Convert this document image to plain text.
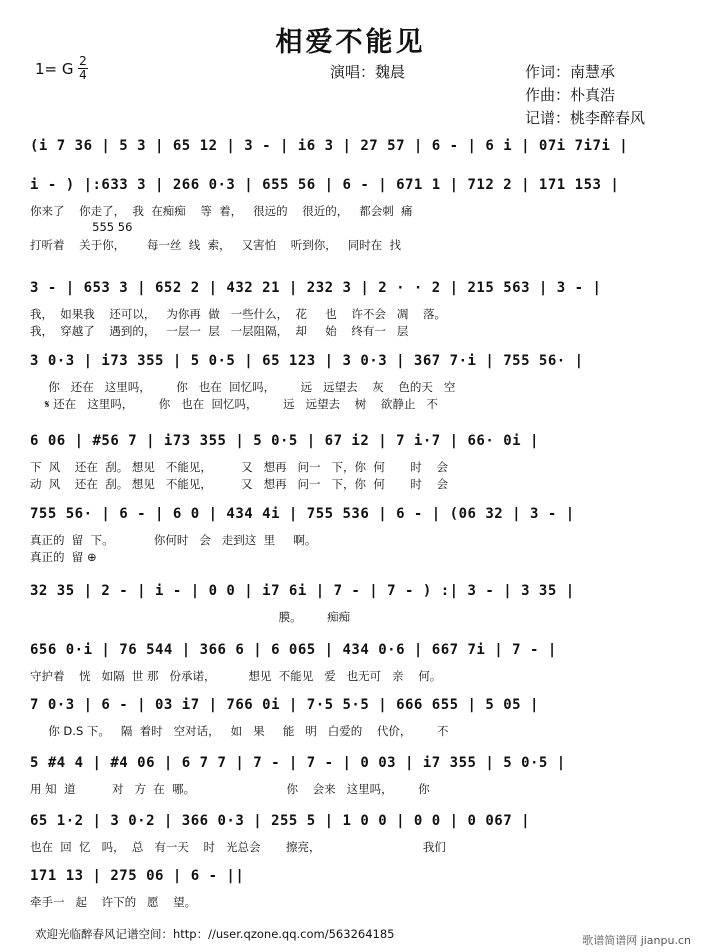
相爱不能见
1= G 2
4	演唱：魏晨	作词：南慧承
作曲：朴真浩
记谱：桃李醉春风
(i 7 36 | 5 3 | 65 12 | 3 - | i6 3 | 27 57 | 6 - | 6 i | 07i 7i7i |
i - ) |:633 3 | 266 0·3 | 655 56 | 6 - | 671 1 | 712 2 | 171 153 |
你来了    你走了，  我  在痴痴    等  着，   很远的    很近的，   都会刺  痛
555 56
打听着    关于你，      每一丝  线  索，   又害怕    听到你，   同时在  找
3 - | 653 3 | 652 2 | 432 21 | 232 3 | 2 · · 2 | 215 563 | 3 - |
我，  如果我    还可以，   为你再  做   一些什么，  花     也    许不会   凋    落。
我，  穿越了    遇到的，   一层一  层   一层阻隔，  却     始    终有一   层
3 0·3 | i73 355 | 5 0·5 | 65 123 | 3 0·3 | 367 7·i | 755 56· |
你   还在   这里吗，       你   也在  回忆吗，       远   远望去    灰    色的天   空
𝄋 还在   这里吗，       你   也在  回忆吗，       远   远望去    树    欲静止   不
6 06 | #56 7 | i73 355 | 5 0·5 | 67 i2 | 7 i·7 | 66· 0i |
下  风    还在  刮。 想见   不能见，        又   想再   问一   下，你  何       时    会
动  风    还在  刮。 想见   不能见，        又   想再   问一   下，你  何       时    会
755 56· | 6 - | 6 0 | 434 4i | 755 536 | 6 - | (06 32 | 3 - |
真正的  留  下。           你何时   会   走到这  里     啊。
真正的  留 ⊕
32 35 | 2 - | i - | 0 0 | i7 6i | 7 - | 7 - ) :| 3 - | 3 35 |
膜。       痴痴
656 0·i | 76 544 | 366 6 | 6 065 | 434 0·6 | 667 7i | 7 - |
守护着    恍   如隔  世 那   份承诺，         想见  不能见   爱   也无可   亲    何。
7 0·3 | 6 - | 03 i7 | 766 0i | 7·5 5·5 | 666 655 | 5 05 |
你 D.S 下。   隔  着时   空对话，   如   果     能   明   白爱的    代价，       不
5 #4 4 | #4 06 | 6 7 7 | 7 - | 7 - | 0 03 | i7 355 | 5 0·5 |
用 知  道          对   方  在  哪。                         你    会来   这里吗，       你
65 1·2 | 3 0·2 | 366 0·3 | 255 5 | 1 0 0 | 0 0 | 0 067 |
也在  回  忆   吗，  总   有一天    时   光总会       擦亮，                            我们
171 13 | 275 06 | 6 - ||
牵手一   起    许下的   愿    望。
欢迎光临醉春风记谱空间：http：//user.qzone.qq.com/563264185	歌谱简谱网 jianpu.cn
